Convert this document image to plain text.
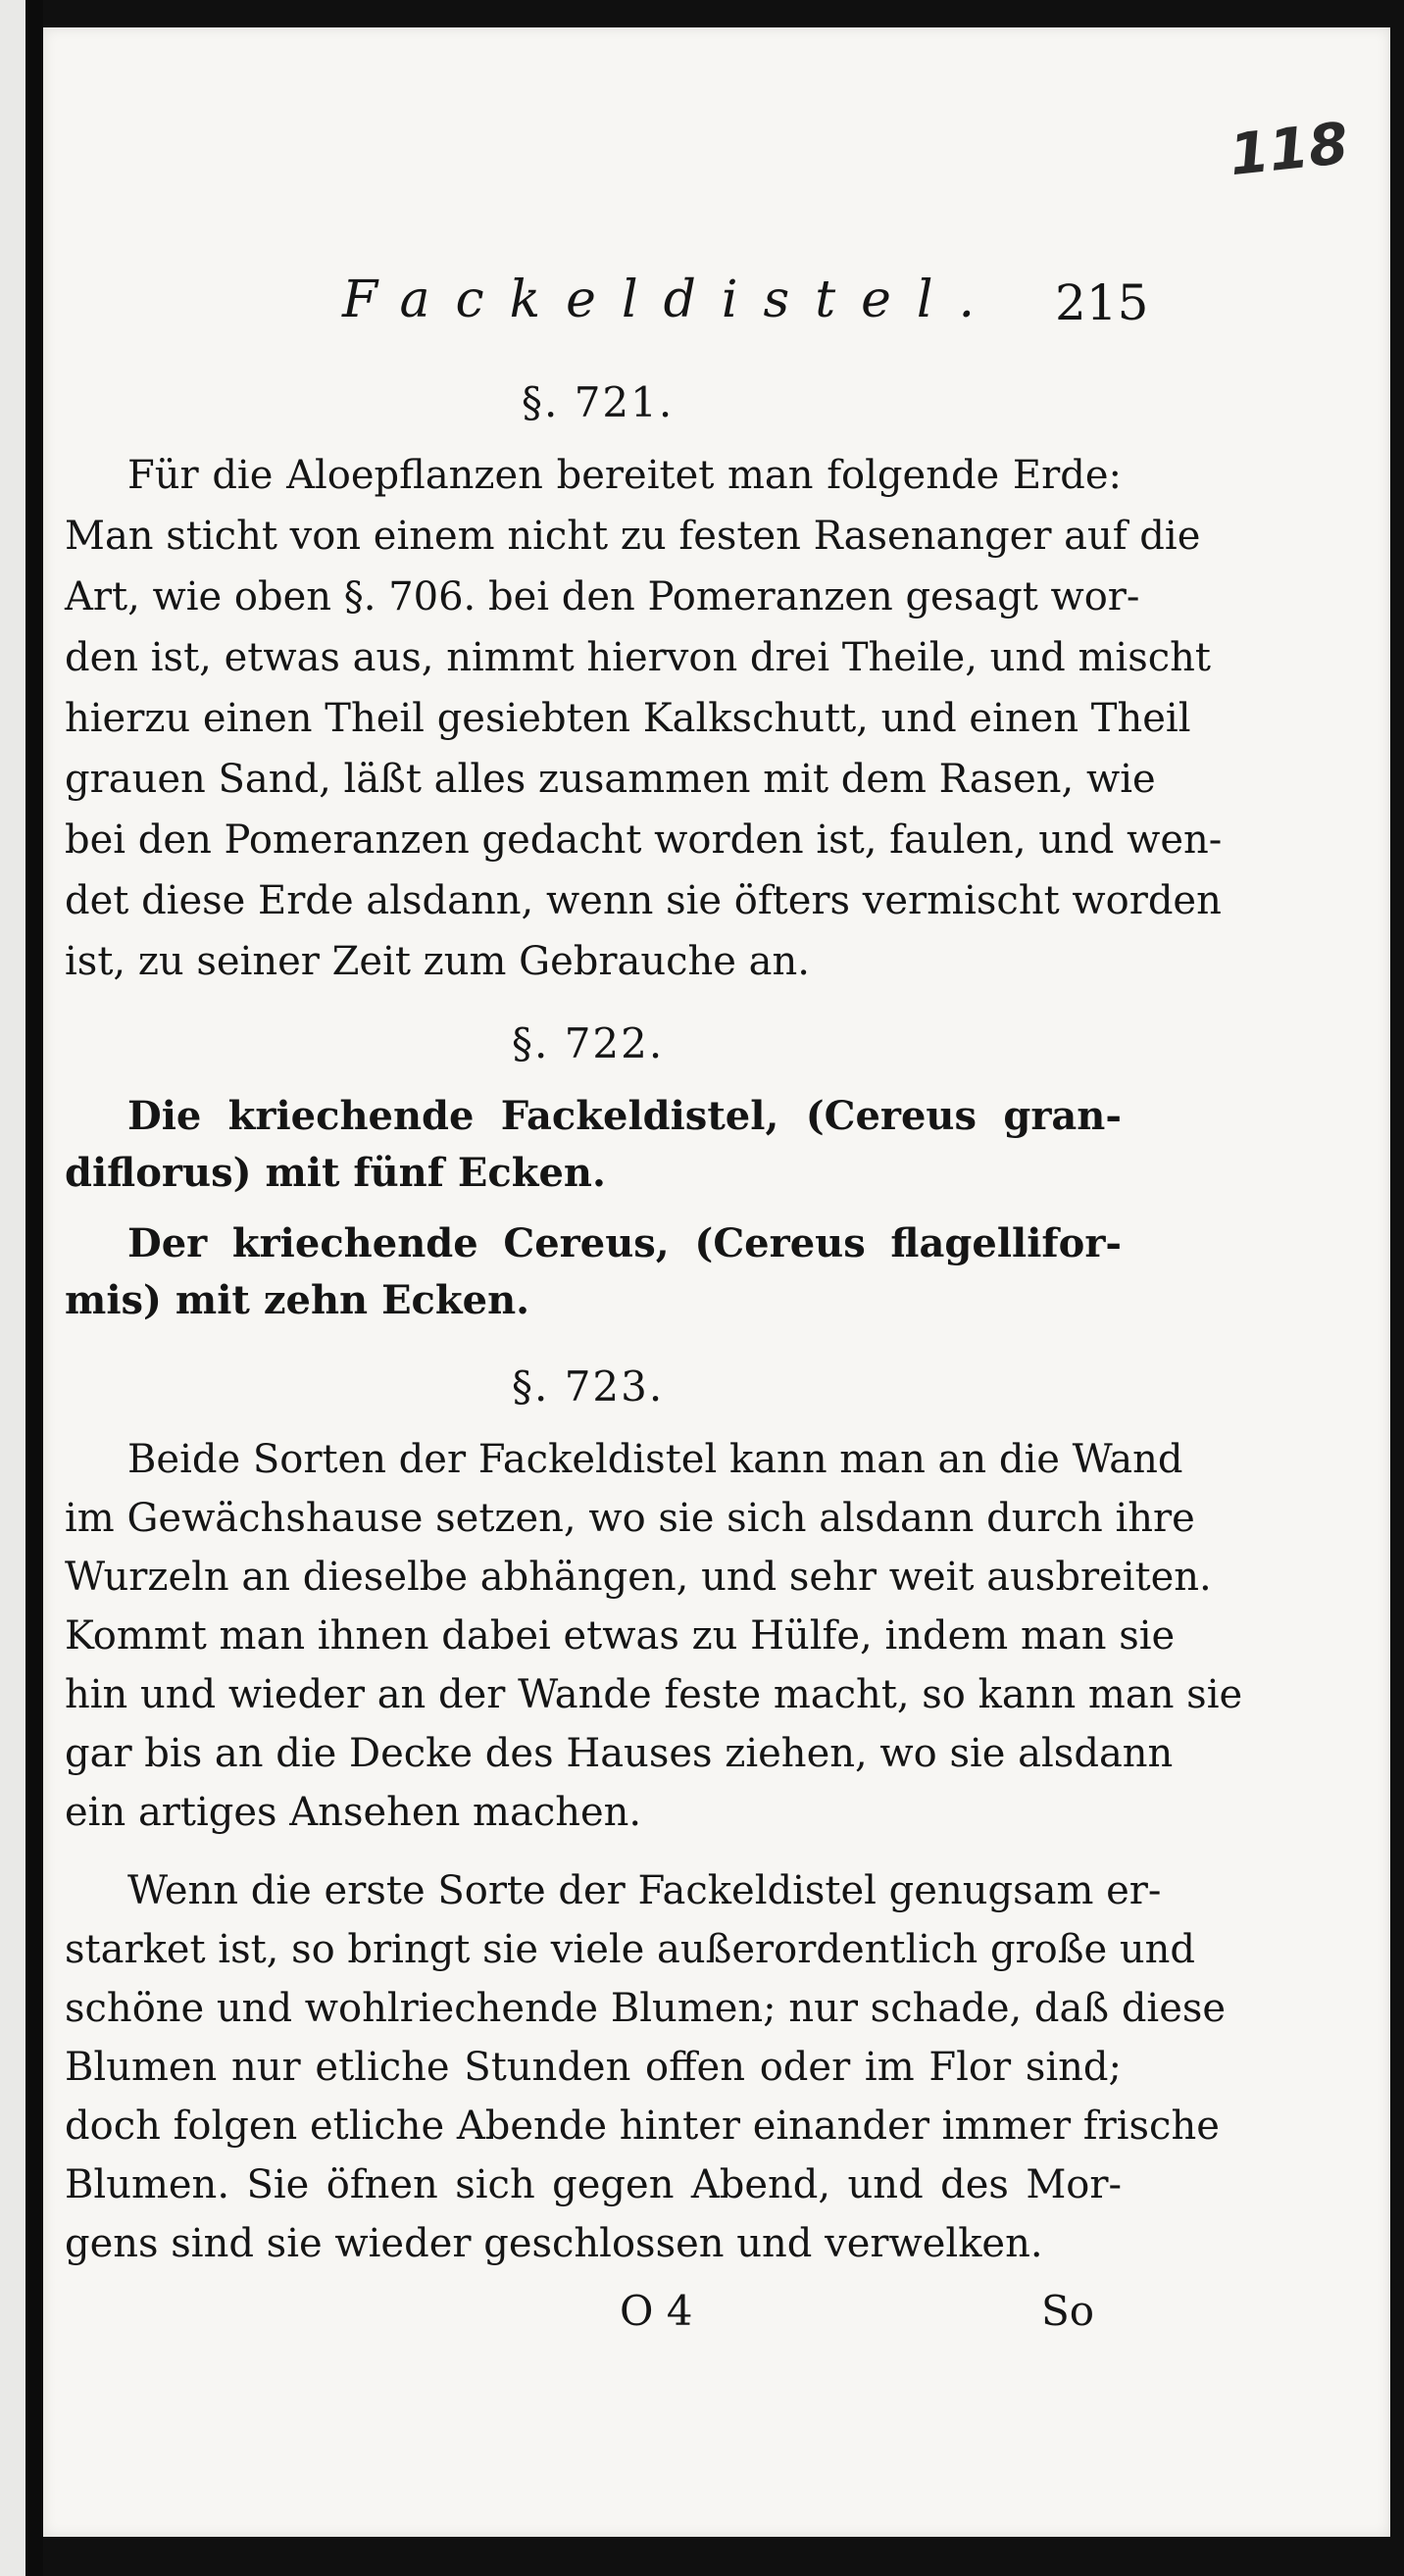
118
Fackeldistel. 215
§. 721.
Für die Aloepflanzen bereitet man folgende Erde:
Man sticht von einem nicht zu festen Rasenanger auf die
Art, wie oben §. 706. bei den Pomeranzen gesagt wor-
den ist, etwas aus, nimmt hiervon drei Theile, und mischt
hierzu einen Theil gesiebten Kalkschutt, und einen Theil
grauen Sand, läßt alles zusammen mit dem Rasen, wie
bei den Pomeranzen gedacht worden ist, faulen, und wen-
det diese Erde alsdann, wenn sie öfters vermischt worden
ist, zu seiner Zeit zum Gebrauche an.
§. 722.
Die kriechende Fackeldistel, (Cereus gran-
diflorus) mit fünf Ecken.
Der kriechende Cereus, (Cereus flagellifor-
mis) mit zehn Ecken.
§. 723.
Beide Sorten der Fackeldistel kann man an die Wand
im Gewächshause setzen, wo sie sich alsdann durch ihre
Wurzeln an dieselbe abhängen, und sehr weit ausbreiten.
Kommt man ihnen dabei etwas zu Hülfe, indem man sie
hin und wieder an der Wande feste macht, so kann man sie
gar bis an die Decke des Hauses ziehen, wo sie alsdann
ein artiges Ansehen machen.
Wenn die erste Sorte der Fackeldistel genugsam er-
starket ist, so bringt sie viele außerordentlich große und
schöne und wohlriechende Blumen; nur schade, daß diese
Blumen nur etliche Stunden offen oder im Flor sind;
doch folgen etliche Abende hinter einander immer frische
Blumen. Sie öfnen sich gegen Abend, und des Mor-
gens sind sie wieder geschlossen und verwelken.
O 4	So
